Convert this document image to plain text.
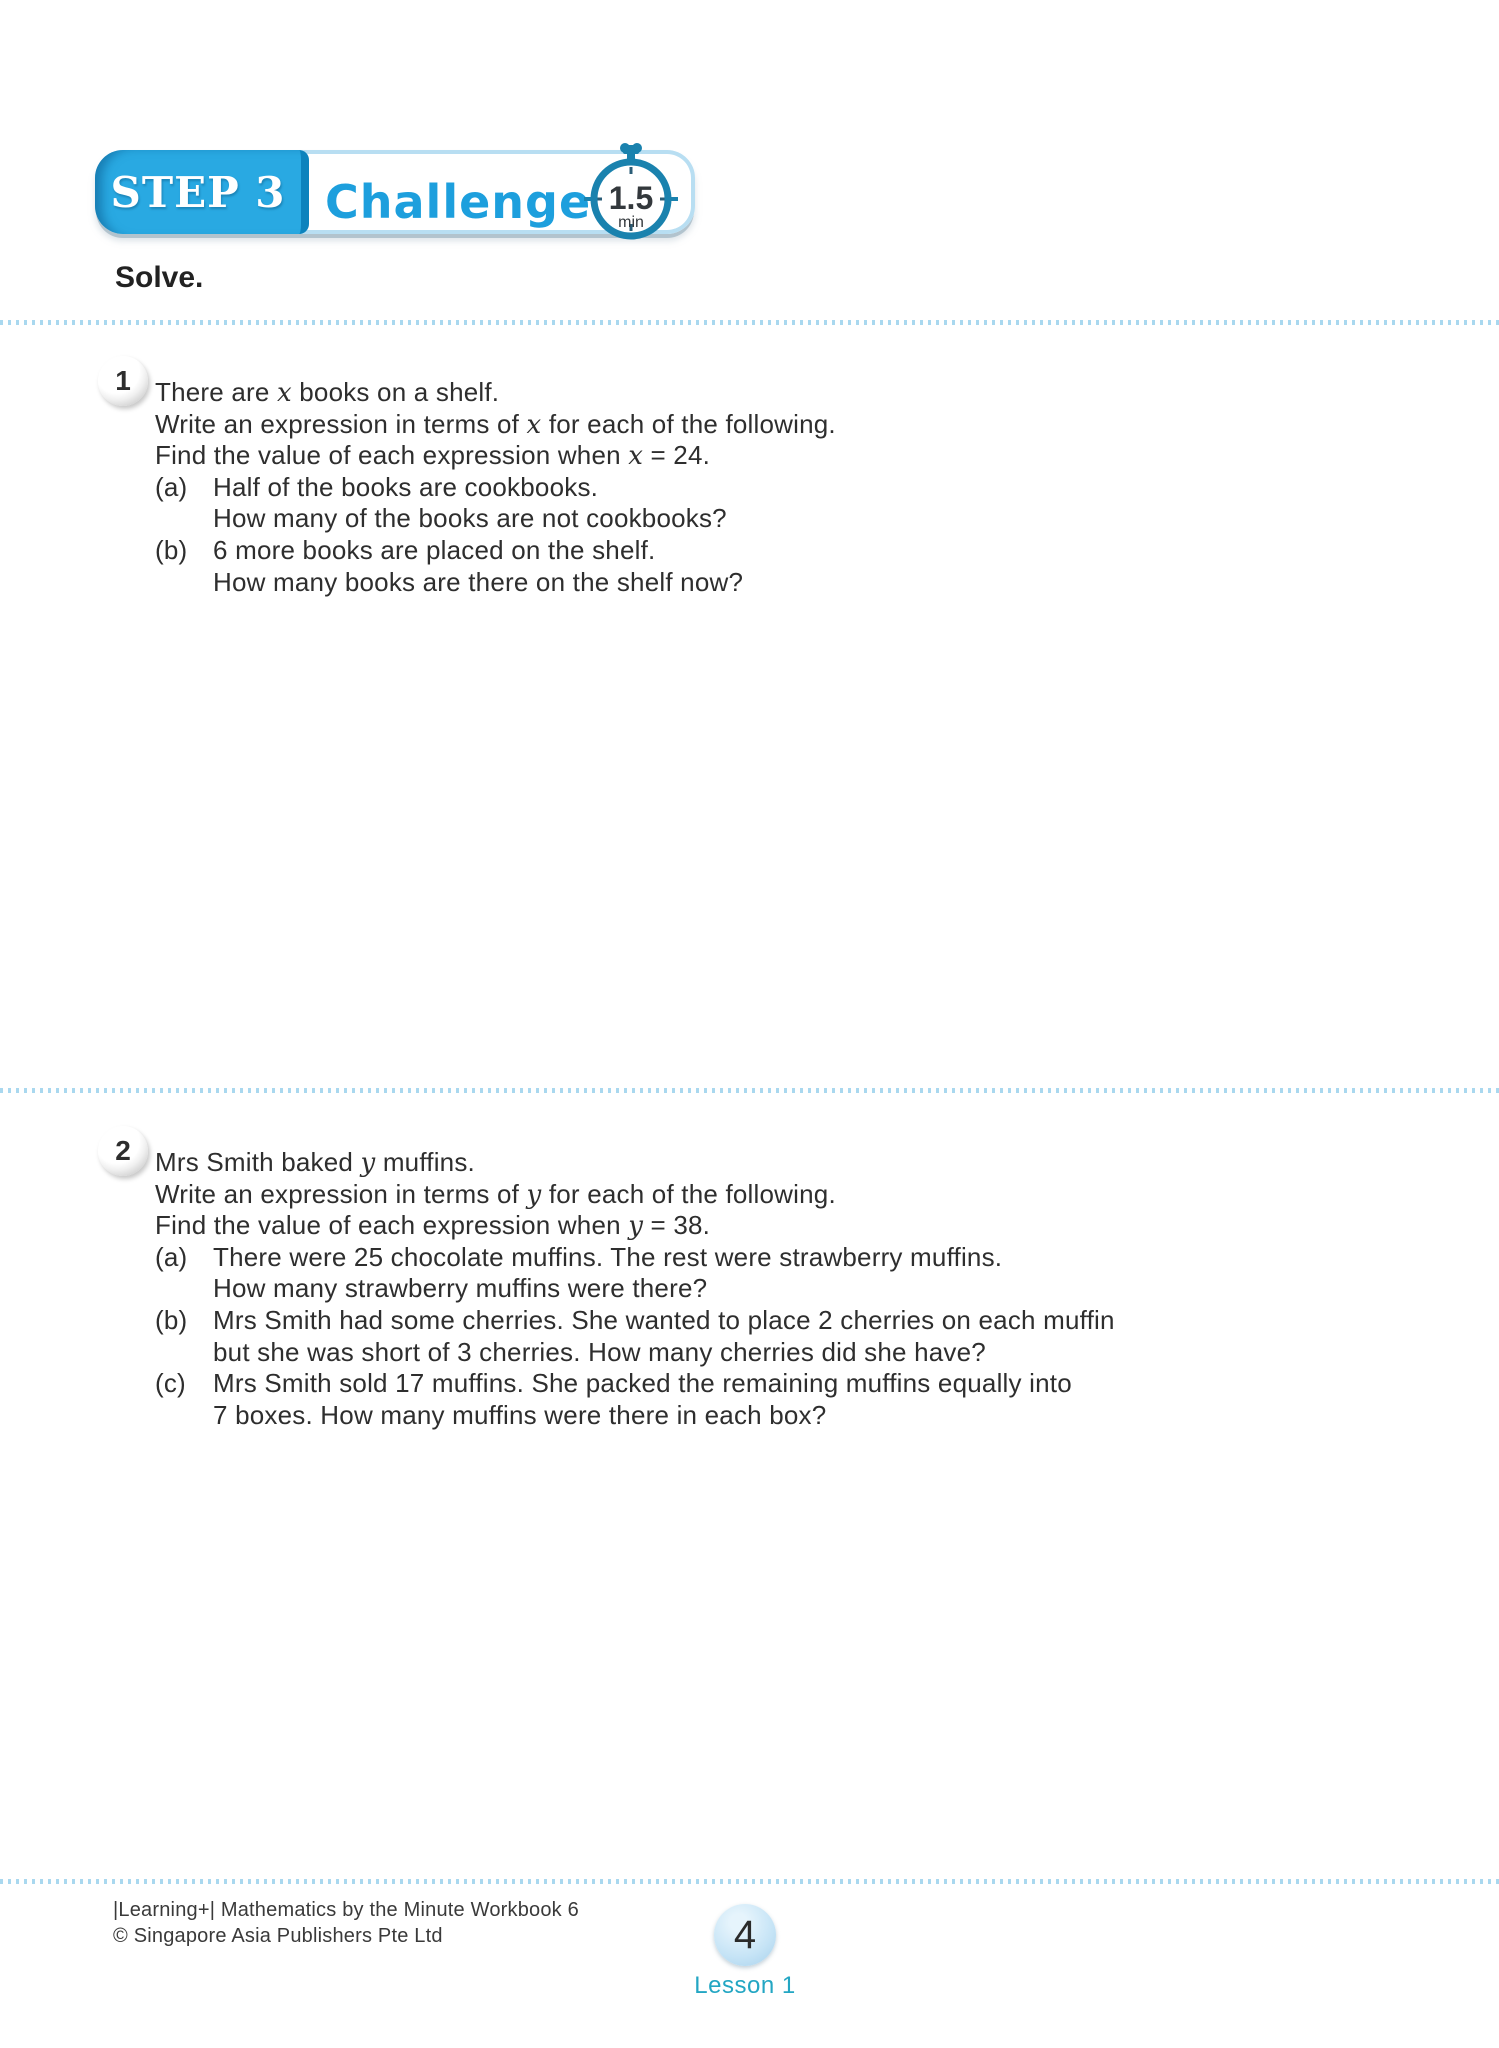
STEP 3 Challenge 1.5
min
Solve.
1 There are x books on a shelf.
Write an expression in terms of x for each of the following.
Find the value of each expression when x = 24.
(a) Half of the books are cookbooks.
How many of the books are not cookbooks?
(b) 6 more books are placed on the shelf.
How many books are there on the shelf now?
2 Mrs Smith baked y muffins.
Write an expression in terms of y for each of the following.
Find the value of each expression when y = 38.
(a) There were 25 chocolate muffins. The rest were strawberry muffins.
How many strawberry muffins were there?
(b) Mrs Smith had some cherries. She wanted to place 2 cherries on each muffin
but she was short of 3 cherries. How many cherries did she have?
(c) Mrs Smith sold 17 muffins. She packed the remaining muffins equally into
7 boxes. How many muffins were there in each box?
|Learning+| Mathematics by the Minute Workbook 6
© Singapore Asia Publishers Pte Ltd	4
Lesson 1
